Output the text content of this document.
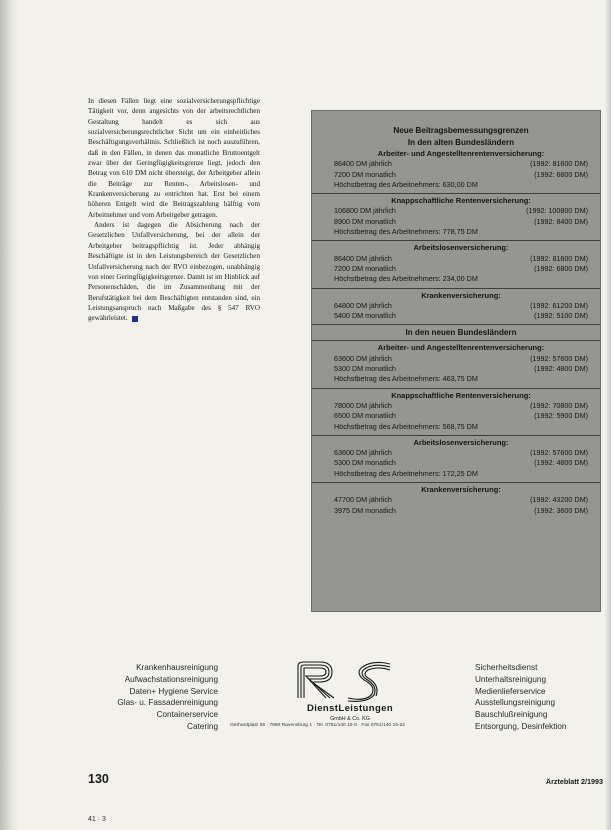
In diesen Fällen liegt eine sozialversicherungspflichtige Tätigkeit vor, denn angesichts von der arbeitsrechtlichen Gestaltung handelt es sich aus sozialversicherungsrechtlicher Sicht um ein einheitliches Beschäftigungsverhältnis. Schließlich ist noch auszuführen, daß in den Fällen, in denen das monatliche Bruttoentgelt zwar über der Geringfügigkeitsgrenze liegt, jedoch den Betrag von 610 DM nicht übersteigt, der Arbeitgeber allein die Beiträge zur Renten-, Arbeitslosen- und Krankenversicherung zu entrichten hat. Erst bei einem höheren Entgelt wird die Beitragszahlung hälftig vom Arbeitnehmer und vom Arbeitgeber getragen.

Anders ist dagegen die Absicherung nach der Gesetzlichen Unfallversicherung, bei der allein der Arbeitgeber beitragspflichtig ist. Jeder abhängig Beschäftigte ist in den Leistungsbereich der Gesetzlichen Unfallversicherung nach der RVO einbezogen, unabhängig von einer Geringfügigkeitsgrenze. Damit ist im Hinblick auf Personenschäden, die im Zusammenhang mit der Berufstätigkeit bei dem Beschäftigten entstanden sind, ein Leistungsanspruch nach Maßgabe des § 547 RVO gewährleistet.

Neue Beitragsbemessungsgrenzen
In den alten Bundesländern
Arbeiter- und Angestelltenrentenversicherung:
86400 DM jährlich	(1992: 81600 DM)
7200 DM monatlich	(1992: 6800 DM)
Höchstbetrag des Arbeitnehmers: 630,00 DM
Knappschaftliche Rentenversicherung:
106800 DM jährlich	(1992: 100800 DM)
8900 DM monatlich	(1992: 8400 DM)
Höchstbetrag des Arbeitnehmers: 778,75 DM
Arbeitslosenversicherung:
86400 DM jährlich	(1992: 81600 DM)
7200 DM monatlich	(1992: 6800 DM)
Höchstbetrag des Arbeitnehmers: 234,00 DM
Krankenversicherung:
64800 DM jährlich	(1992: 61200 DM)
5400 DM monatlich	(1992: 5100 DM)
In den neuen Bundesländern
Arbeiter- und Angestelltenrentenversicherung:
63600 DM jährlich	(1992: 57600 DM)
5300 DM monatlich	(1992: 4800 DM)
Höchstbetrag des Arbeitnehmers: 463,75 DM
Knappschaftliche Rentenversicherung:
78000 DM jährlich	(1992: 70800 DM)
6500 DM monatlich	(1992: 5900 DM)
Höchstbetrag des Arbeitnehmers: 568,75 DM
Arbeitslosenversicherung:
63600 DM jährlich	(1992: 57600 DM)
5300 DM monatlich	(1992: 4800 DM)
Höchstbetrag des Arbeitnehmers: 172,25 DM
Krankenversicherung:
47700 DM jährlich	(1992: 43200 DM)
3975 DM monatlich	(1992: 3600 DM)
Krankenhausreinigung
Aufwachstationsreinigung
Daten+ Hygiene Service
Glas- u. Fassadenreinigung
Containerservice
Catering
DienstLeistungen
GmbH & Co. KG
Sicherheitsdienst
Unterhaltsreinigung
Medienlieferservice
Ausstellungsreinigung
Bauschlußreinigung
Entsorgung, Desinfektion
Gerhardplatz 55 · 7980 Ravensburg 1 · Tel. 0751/140 15-0 · Fax 0751/140 15-22
130	Ärzteblatt 2/1993
41 · 3
